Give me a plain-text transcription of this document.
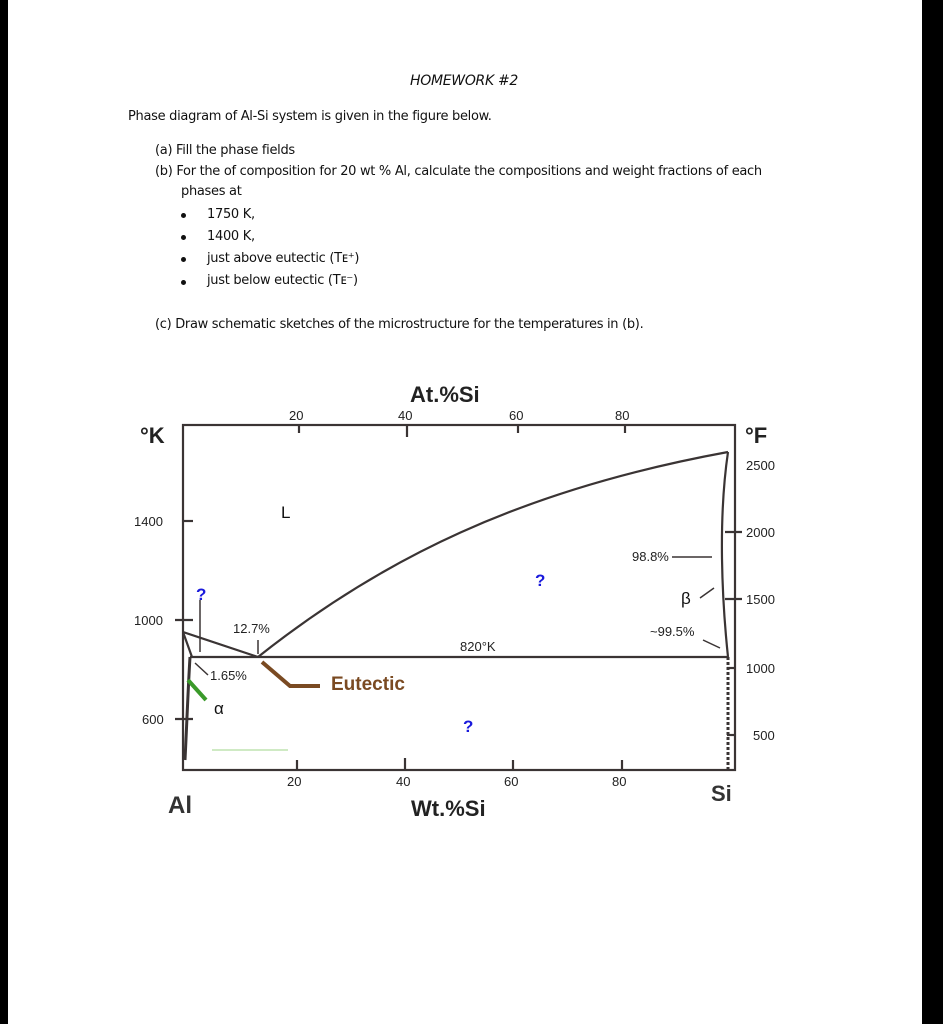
HOMEWORK #2
Phase diagram of Al-Si system is given in the figure below.
(a) Fill the phase fields
(b) For the of composition for 20 wt % Al, calculate the compositions and weight fractions of each
phases at
1750 K,
1400 K,
just above eutectic (Tᴇ⁺)
just below eutectic (Tᴇ⁻)
(c) Draw schematic sketches of the microstructure for the temperatures in (b).
At.%Si
Wt.%Si
°K	°F
20	40	60	80
20	40	60	80
1400
1000
600
2500
2000
1500
1000
500
12.7%
1.65%
820°K
98.8%
~99.5%
Eutectic
L
α
β
?
?
?
Al	Si
